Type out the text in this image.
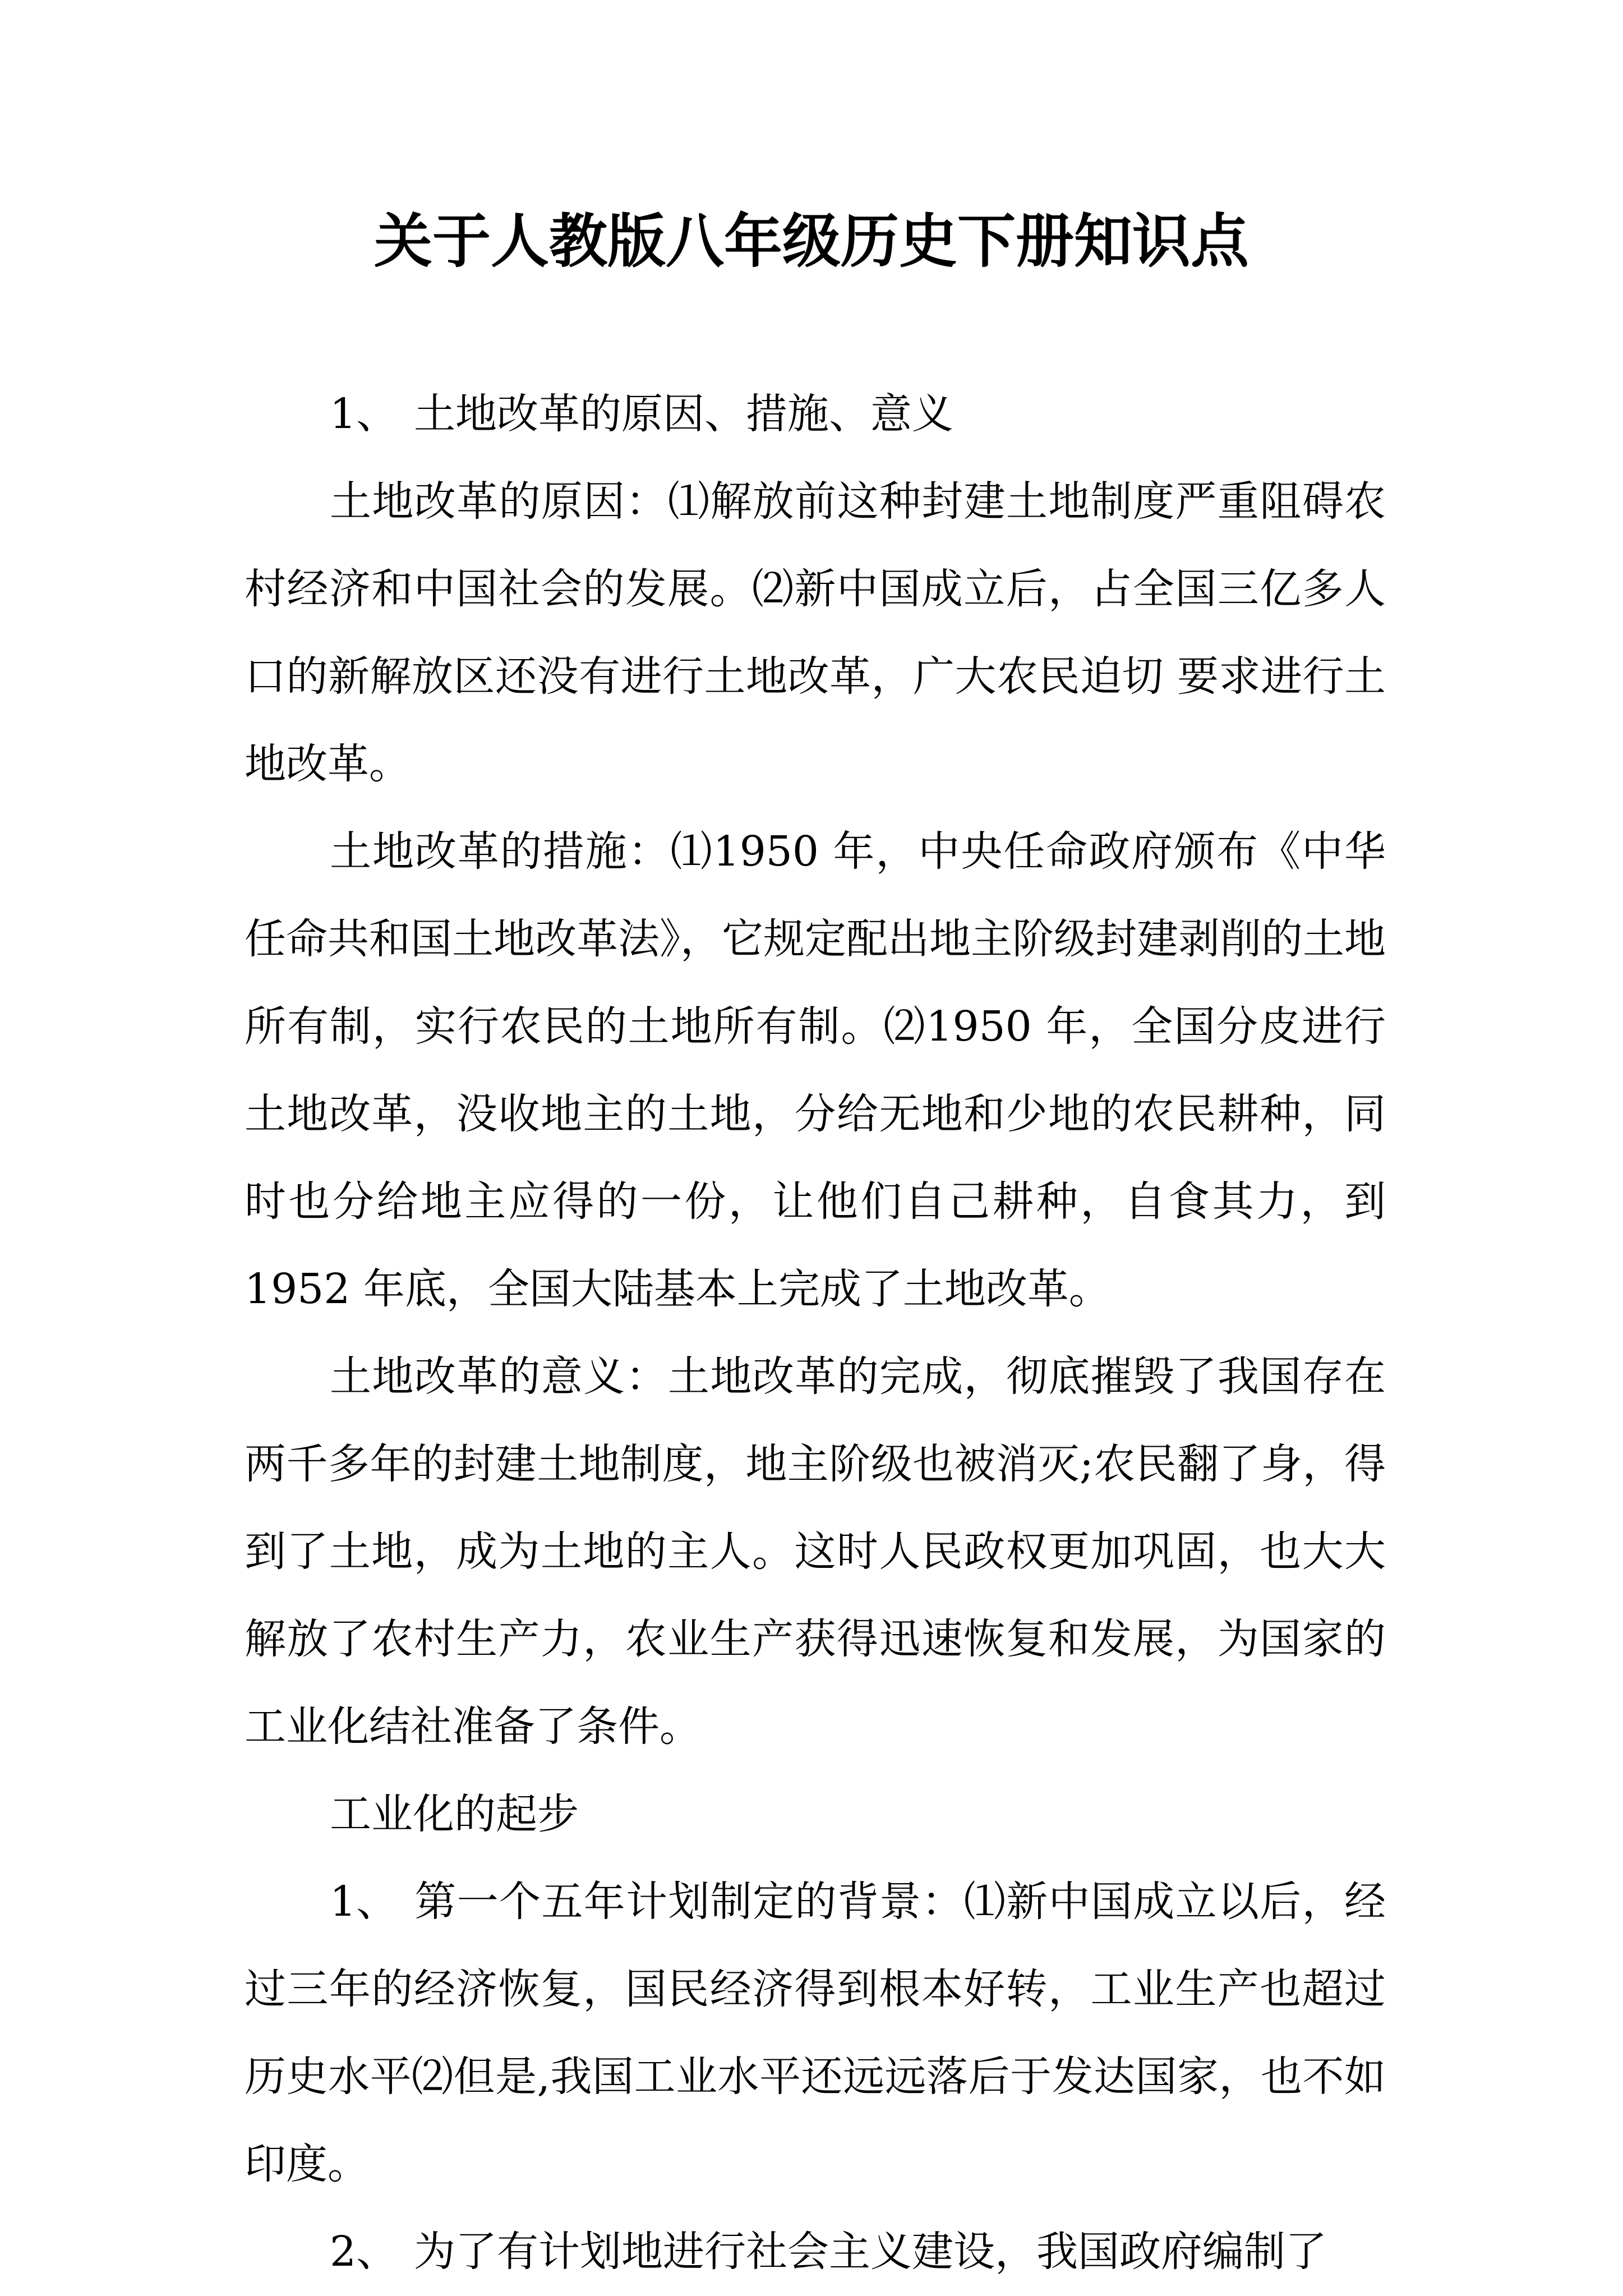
关于人教版八年级历史下册知识点

1、 土地改革的原因、措施、意义

土地改革的原因：⑴解放前这种封建土地制度严重阻碍农村经济和中国社会的发展。⑵新中国成立后，占全国三亿多人口的新解放区还没有进行土地改革，广大农民迫切 要求进行土地改革。

土地改革的措施：⑴1950 年，中央任命政府颁布《中华任命共和国土地改革法》，它规定配出地主阶级封建剥削的土地所有制，实行农民的土地所有制。⑵1950 年，全国分皮进行土地改革，没收地主的土地，分给无地和少地的农民耕种，同时也分给地主应得的一份，让他们自己耕种，自食其力，到 1952 年底，全国大陆基本上完成了土地改革。

土地改革的意义：土地改革的完成，彻底摧毁了我国存在两千多年的封建土地制度，地主阶级也被消灭;农民翻了身，得到了土地，成为土地的主人。这时人民政权更加巩固，也大大解放了农村生产力，农业生产获得迅速恢复和发展，为国家的工业化结社准备了条件。

工业化的起步

1、 第一个五年计划制定的背景：⑴新中国成立以后，经过三年的经济恢复，国民经济得到根本好转，工业生产也超过历史水平⑵但是,我国工业水平还远远落后于发达国家，也不如印度。

2、 为了有计划地进行社会主义建设，我国政府编制了
